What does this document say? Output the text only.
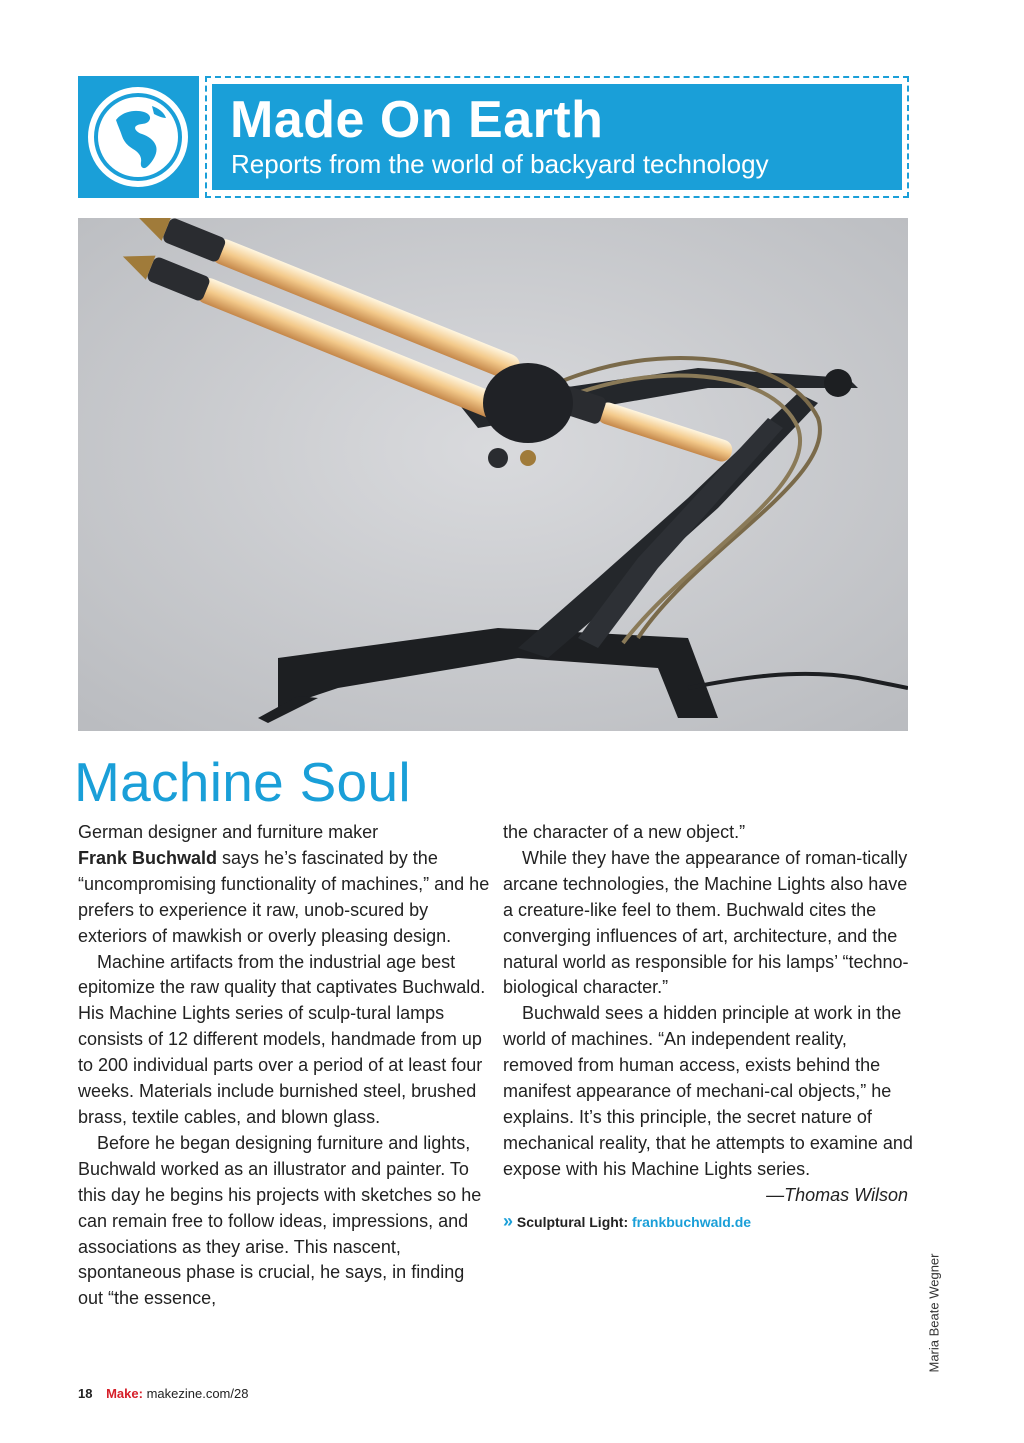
Made On Earth
Reports from the world of backyard technology
Machine Soul

German designer and furniture maker
Frank Buchwald says he’s fascinated by the “uncompromising functionality of machines,” and he prefers to experience it raw, unob-scured by exteriors of mawkish or overly pleasing design.

Machine artifacts from the industrial age best epitomize the raw quality that captivates Buchwald. His Machine Lights series of sculp-tural lamps consists of 12 different models, handmade from up to 200 individual parts over a period of at least four weeks. Materials include burnished steel, brushed brass, textile cables, and blown glass.

Before he began designing furniture and lights, Buchwald worked as an illustrator and painter. To this day he begins his projects with sketches so he can remain free to follow ideas, impressions, and associations as they arise. This nascent, spontaneous phase is crucial, he says, in finding out “the essence,

the character of a new object.”

While they have the appearance of roman-tically arcane technologies, the Machine Lights also have a creature-like feel to them. Buchwald cites the converging influences of art, architecture, and the natural world as responsible for his lamps’ “techno-biological character.”

Buchwald sees a hidden principle at work in the world of machines. “An independent reality, removed from human access, exists behind the manifest appearance of mechani-cal objects,” he explains. It’s this principle, the secret nature of mechanical reality, that he attempts to examine and expose with his Machine Lights series.

—Thomas Wilson

» Sculptural Light: frankbuchwald.de

Maria Beate Wegner
18 Make: makezine.com/28
